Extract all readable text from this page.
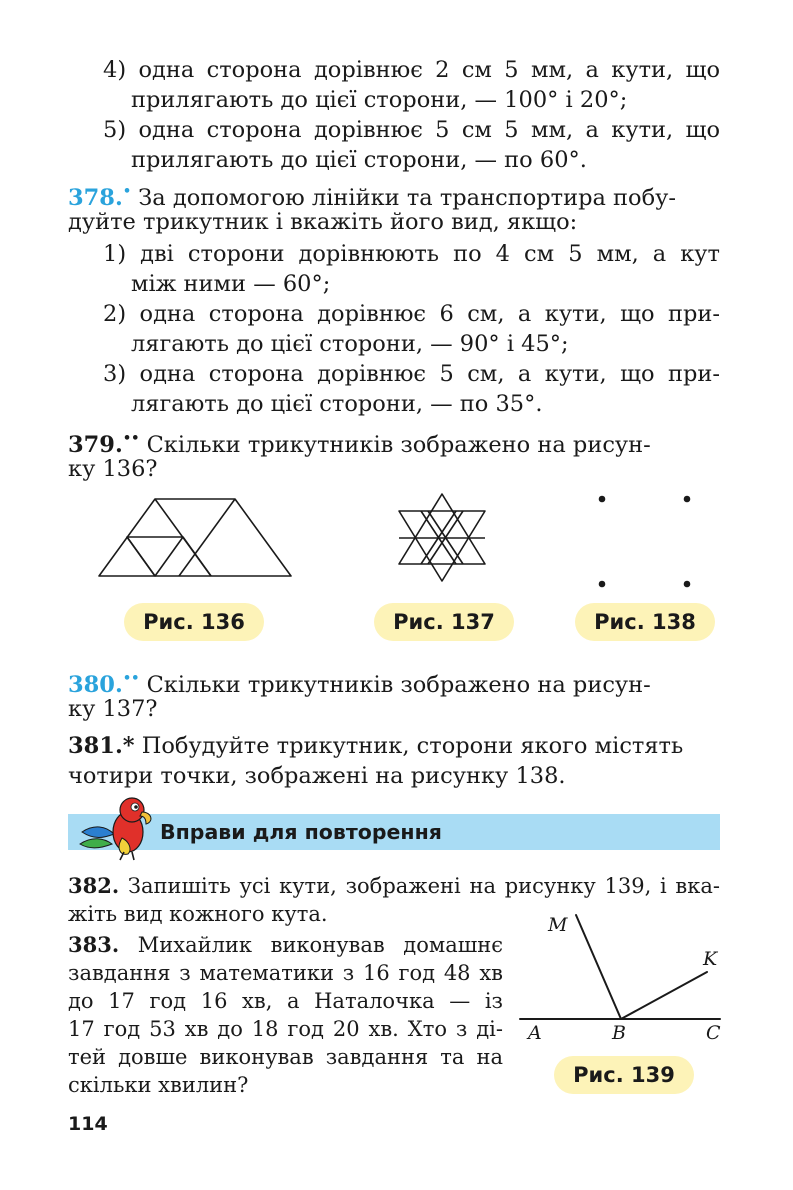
4) одна сторона дорівнює 2 см 5 мм, а кути, що
прилягають до цієї сторони, — 100° і 20°;
5) одна сторона дорівнює 5 см 5 мм, а кути, що
прилягають до цієї сторони, — по 60°.
378.• За допомогою лінійки та транспортира побу-
дуйте трикутник і вкажіть його вид, якщо:
1) дві сторони дорівнюють по 4 см 5 мм, а кут
між ними — 60°;
2) одна сторона дорівнює 6 см, а кути, що при-
лягають до цієї сторони, — 90° і 45°;
3) одна сторона дорівнює 5 см, а кути, що при-
лягають до цієї сторони, — по 35°.
379.•• Скільки трикутників зображено на рисун-
ку 136?
Рис. 136	Рис. 137	Рис. 138
380.•• Скільки трикутників зображено на рисун-
ку 137?
381.* Побудуйте трикутник, сторони якого містять
чотири точки, зображені на рисунку 138.
Вправи для повторення
382. Запишіть усі кути, зображені на рисунку 139, і вка-
жіть вид кожного кута.
383. Михайлик виконував домашнє
завдання з математики з 16 год 48 хв
до 17 год 16 хв, а Наталочка — із
17 год 53 хв до 18 год 20 хв. Хто з ді-
тей довше виконував завдання та на
скільки хвилин?
M
K
A	B	C
Рис. 139
114
